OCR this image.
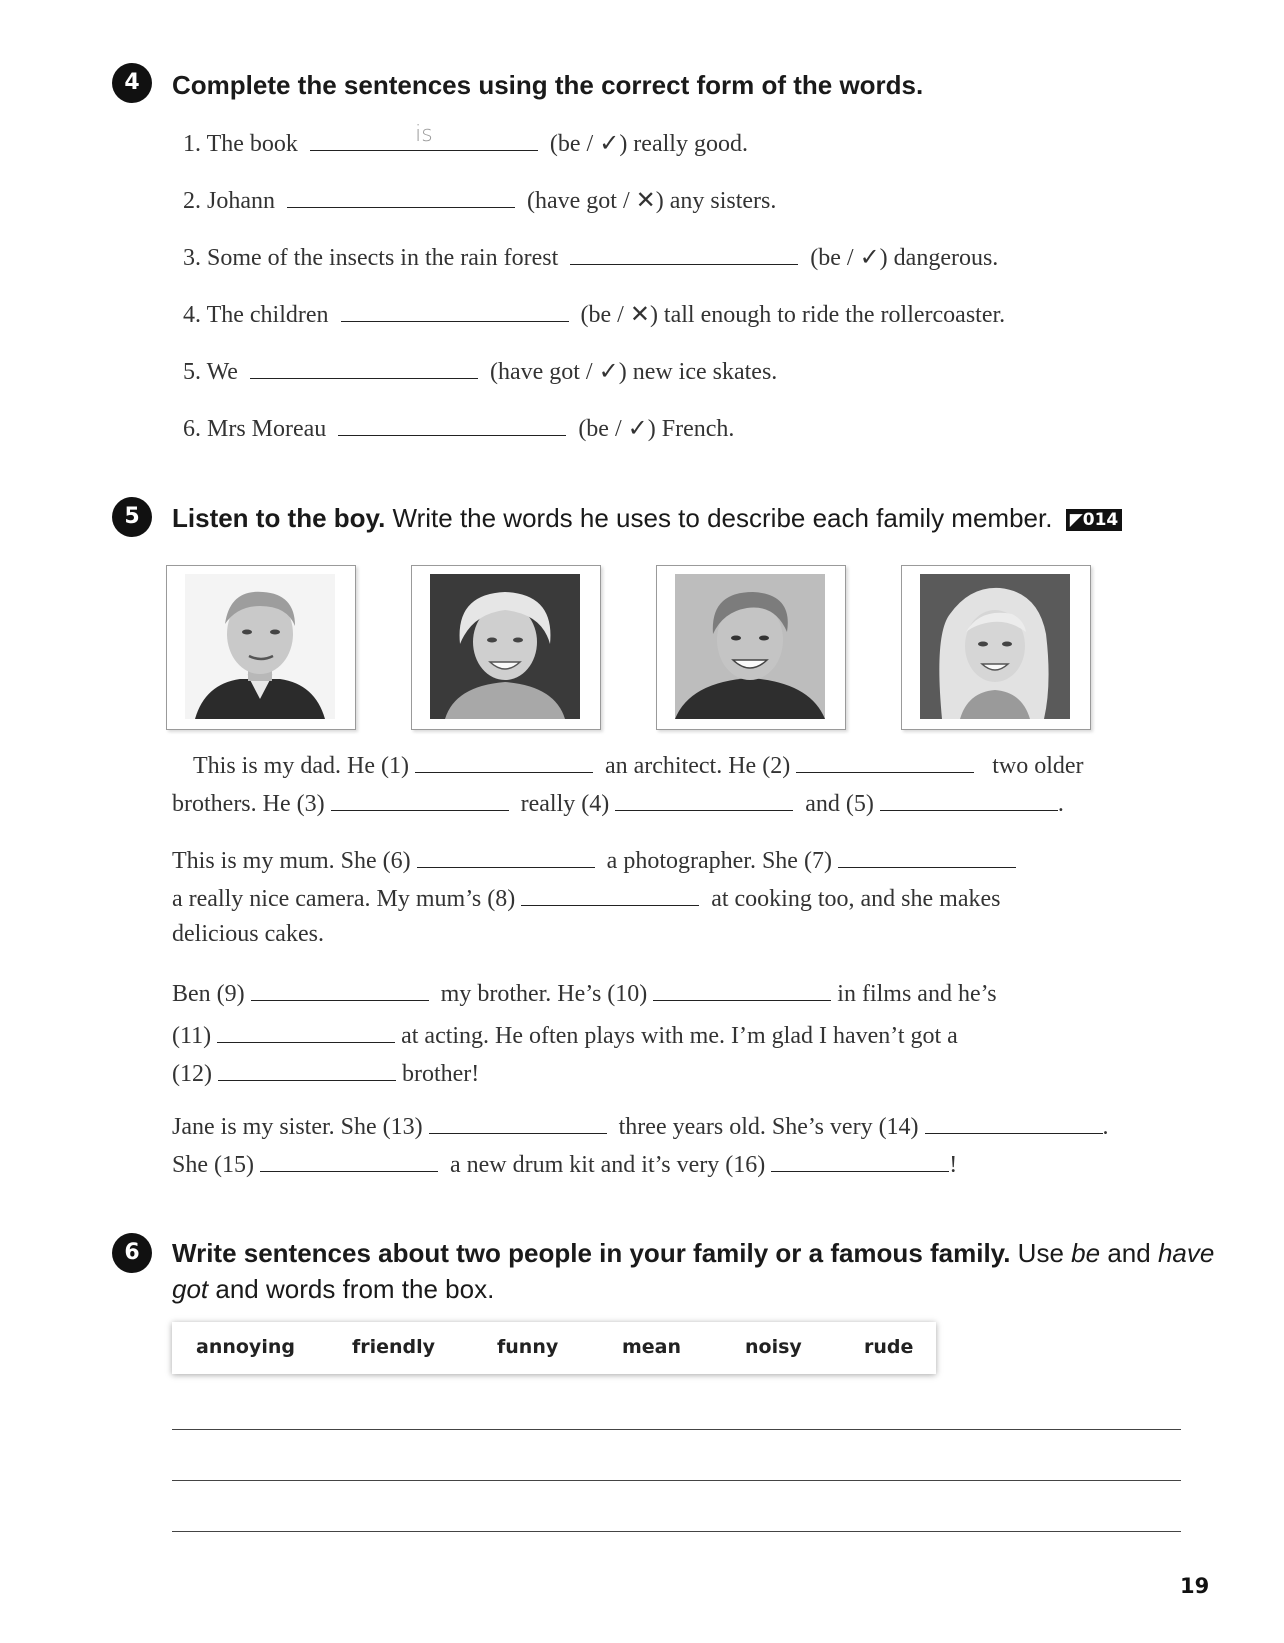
4	Complete the sentences using the correct form of the words.
1. The book	is	(be / ✓) really good.
2. Johann	(have got / ✕) any sisters.
3. Some of the insects in the rain forest	(be / ✓) dangerous.
4. The children	(be / ✕) tall enough to ride the rollercoaster.
5. We	(have got / ✓) new ice skates.
6. Mrs Moreau	(be / ✓) French.
5	Listen to the boy. Write the words he uses to describe each family member. ◤014
This is my dad. He (1)	an architect. He (2)	two older
brothers. He (3)	really (4)	and (5)	.
This is my mum. She (6)	a photographer. She (7)
a really nice camera. My mum’s (8)	at cooking too, and she makes
delicious cakes.
Ben (9)	my brother. He’s (10)	in films and he’s
(11)	at acting. He often plays with me. I’m glad I haven’t got a
(12)	brother!
Jane is my sister. She (13)	three years old. She’s very (14)	.
She (15)	a new drum kit and it’s very (16)	!
6	Write sentences about two people in your family or a famous family. Use be and have
got and words from the box.
annoying	friendly	funny	mean	noisy	rude
19
